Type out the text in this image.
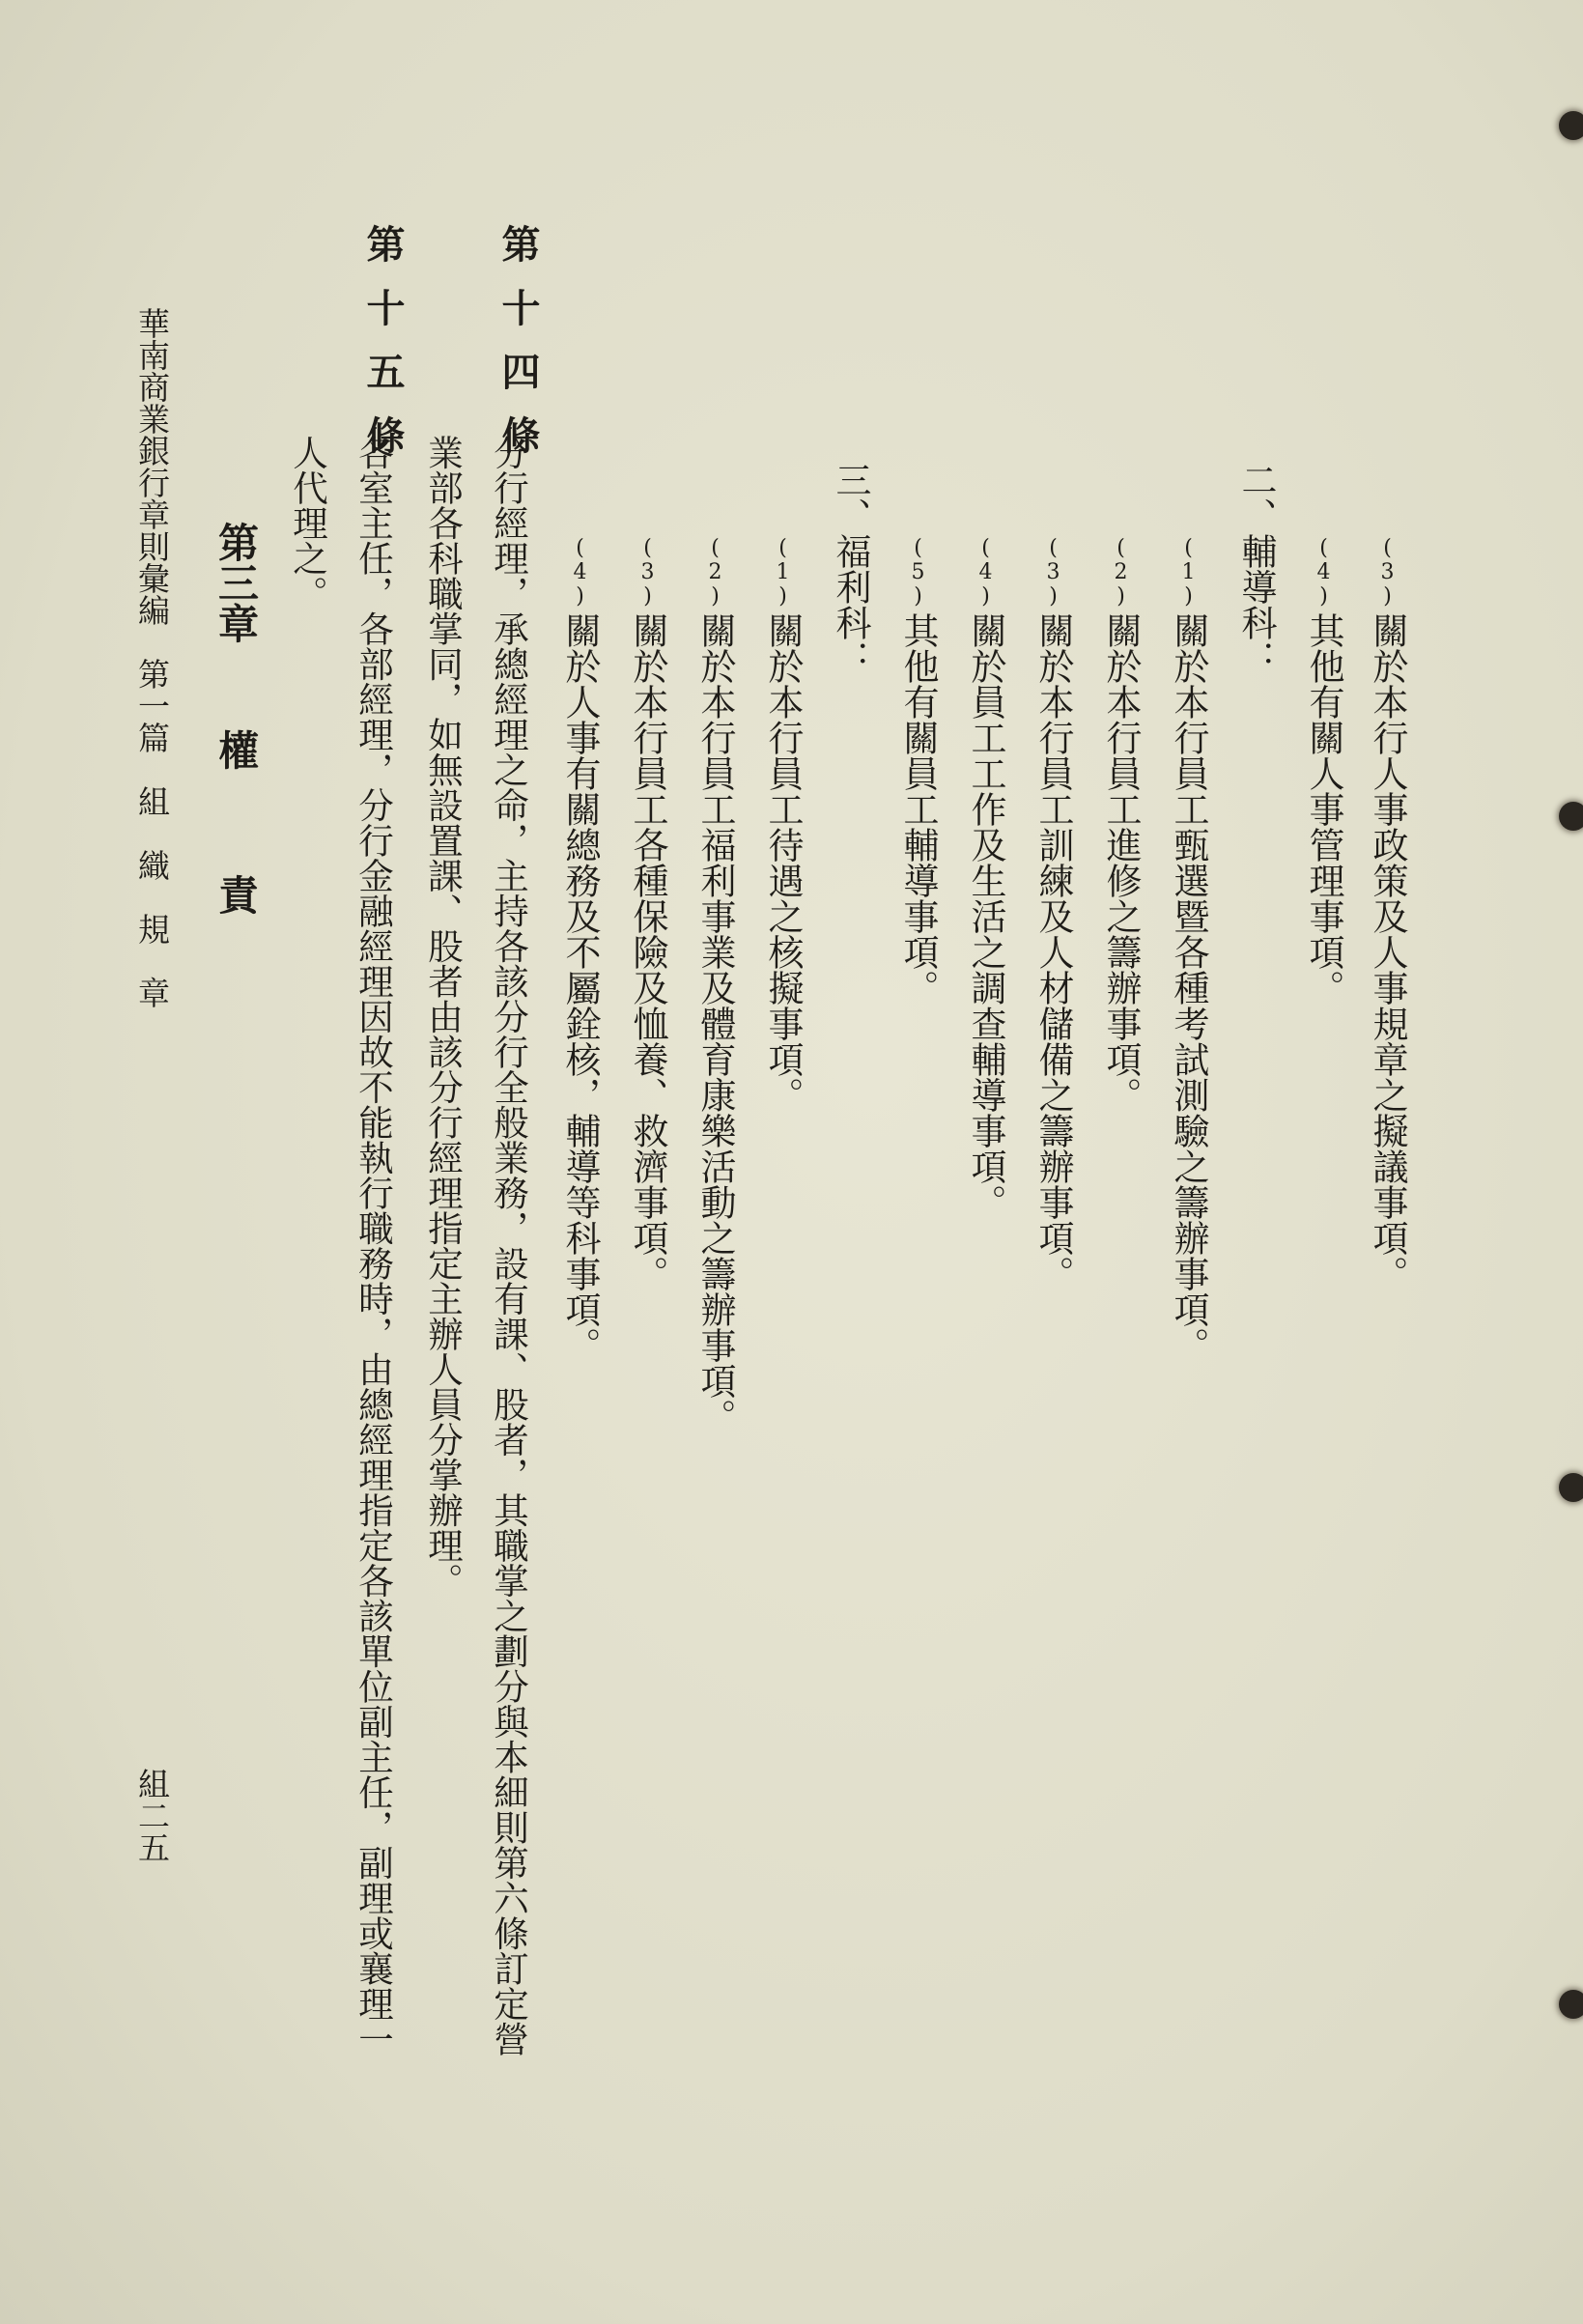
(3)關於本行人事政策及人事規章之擬議事項。
(4)其他有關人事管理事項。
二、輔導科：
(1)關於本行員工甄選暨各種考試測驗之籌辦事項。
(2)關於本行員工進修之籌辦事項。
(3)關於本行員工訓練及人材儲備之籌辦事項。
(4)關於員工工作及生活之調查輔導事項。
(5)其他有關員工輔導事項。
三、福利科：
(1)關於本行員工待遇之核擬事項。
(2)關於本行員工福利事業及體育康樂活動之籌辦事項。
(3)關於本行員工各種保險及恤養、救濟事項。
(4)關於人事有關總務及不屬銓核，輔導等科事項。
第十四條
分行經理，承總經理之命，主持各該分行全般業務，設有課、股者，其職掌之劃分與本細則第六條訂定營
業部各科職掌同，如無設置課、股者由該分行經理指定主辦人員分掌辦理。
第十五條
各室主任，各部經理，分行金融經理因故不能執行職務時，由總經理指定各該單位副主任，副理或襄理一
人代理之。
第三章
權　　責
華南商業銀行章則彙編　第一篇　組　織　規　章
組二五
